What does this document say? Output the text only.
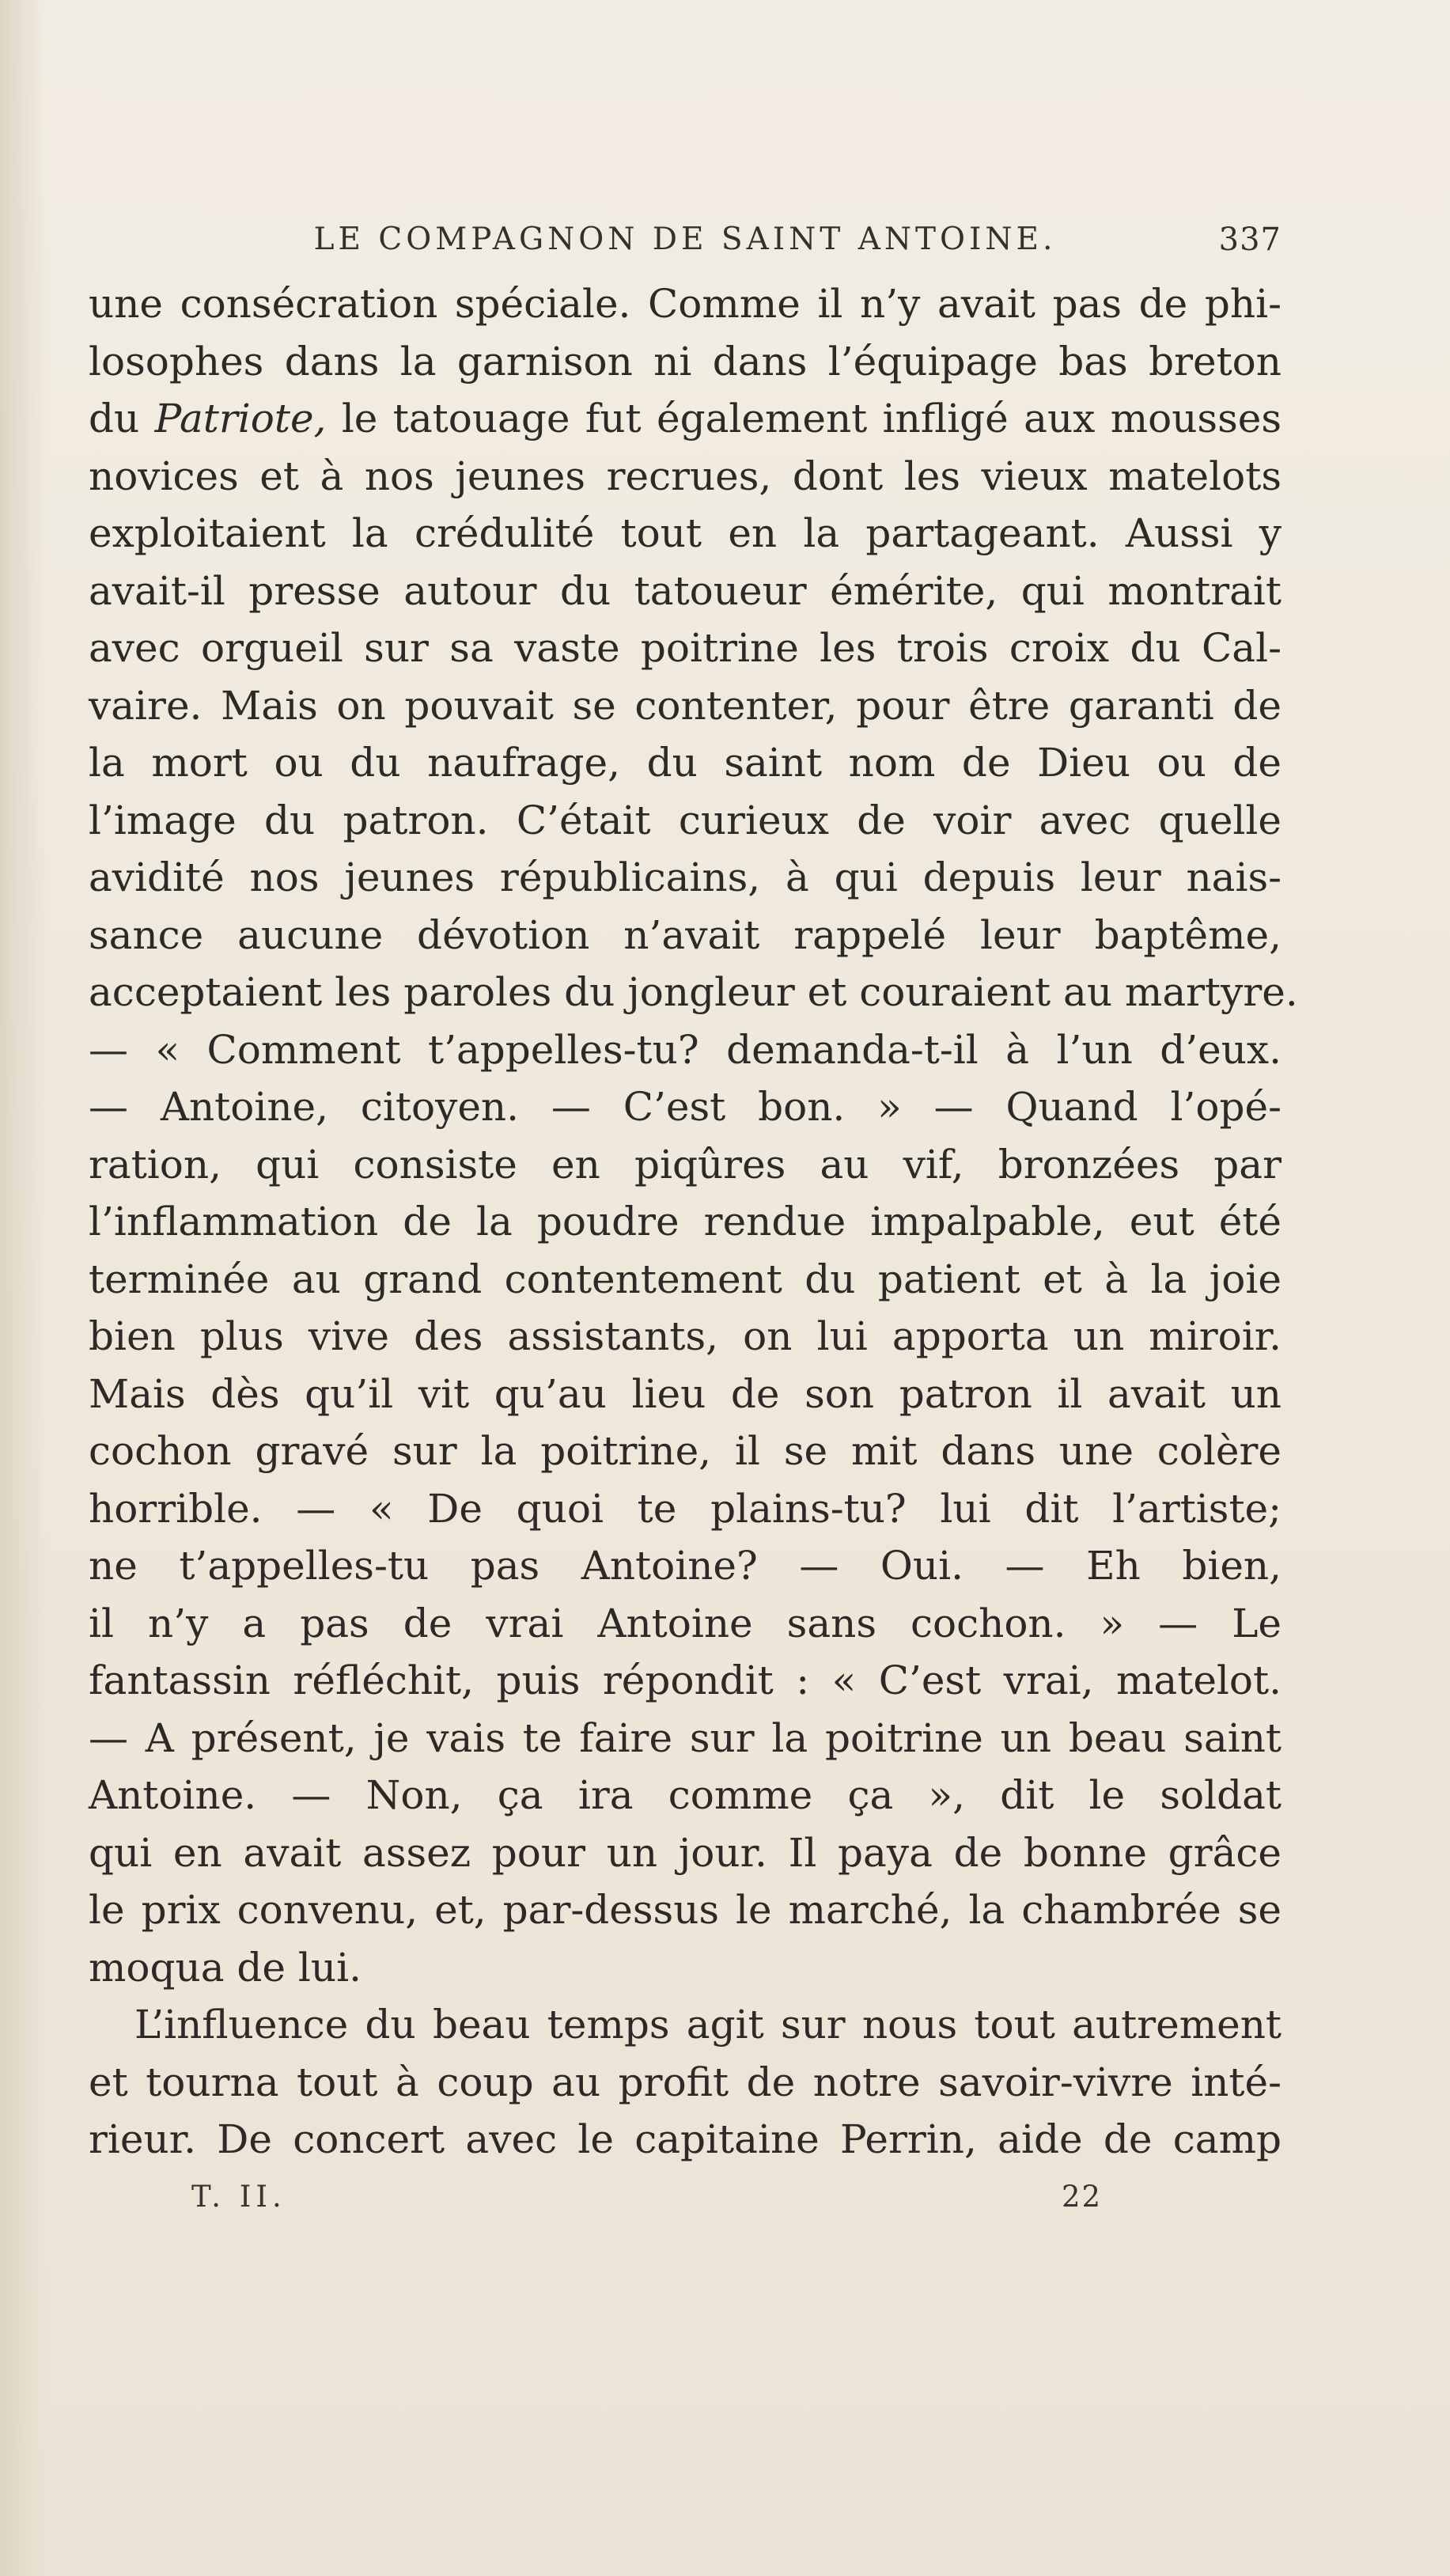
LE COMPAGNON DE SAINT ANTOINE.	337
une consécration spéciale. Comme il n’y avait pas de phi-
losophes dans la garnison ni dans l’équipage bas breton
du Patriote, le tatouage fut également infligé aux mousses
novices et à nos jeunes recrues, dont les vieux matelots
exploitaient la crédulité tout en la partageant. Aussi y
avait-il presse autour du tatoueur émérite, qui montrait
avec orgueil sur sa vaste poitrine les trois croix du Cal-
vaire. Mais on pouvait se contenter, pour être garanti de
la mort ou du naufrage, du saint nom de Dieu ou de
l’image du patron. C’était curieux de voir avec quelle
avidité nos jeunes républicains, à qui depuis leur nais-
sance aucune dévotion n’avait rappelé leur baptême,
acceptaient les paroles du jongleur et couraient au martyre.
— « Comment t’appelles-tu? demanda-t-il à l’un d’eux.
— Antoine, citoyen. — C’est bon. » — Quand l’opé-
ration, qui consiste en piqûres au vif, bronzées par
l’inflammation de la poudre rendue impalpable, eut été
terminée au grand contentement du patient et à la joie
bien plus vive des assistants, on lui apporta un miroir.
Mais dès qu’il vit qu’au lieu de son patron il avait un
cochon gravé sur la poitrine, il se mit dans une colère
horrible. — « De quoi te plains-tu? lui dit l’artiste;
ne t’appelles-tu pas Antoine? — Oui. — Eh bien,
il n’y a pas de vrai Antoine sans cochon. » — Le
fantassin réfléchit, puis répondit : « C’est vrai, matelot.
— A présent, je vais te faire sur la poitrine un beau saint
Antoine. — Non, ça ira comme ça », dit le soldat
qui en avait assez pour un jour. Il paya de bonne grâce
le prix convenu, et, par-dessus le marché, la chambrée se
moqua de lui.
L’influence du beau temps agit sur nous tout autrement
et tourna tout à coup au profit de notre savoir-vivre inté-
rieur. De concert avec le capitaine Perrin, aide de camp
T. II.	22
